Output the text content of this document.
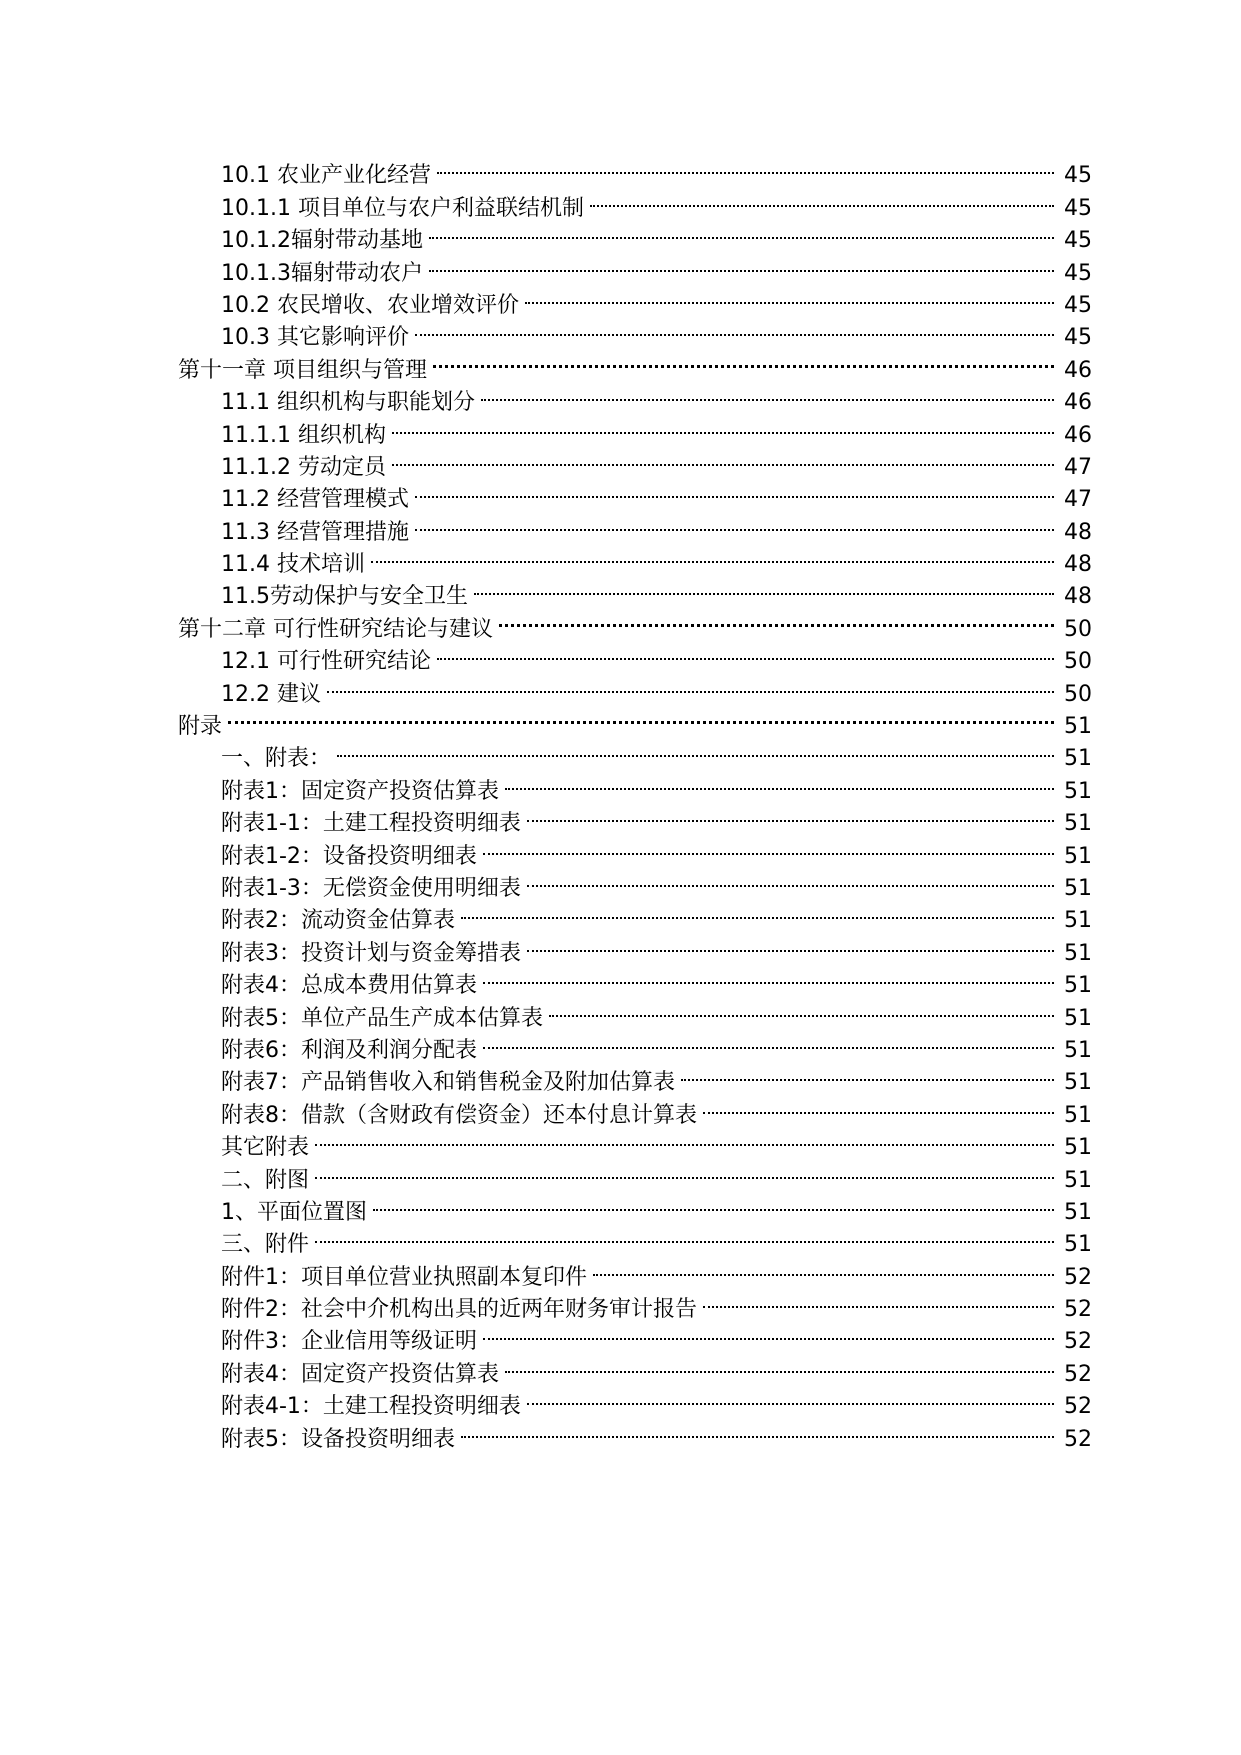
10.1 农业产业化经营	45
10.1.1 项目单位与农户利益联结机制	45
10.1.2辐射带动基地	45
10.1.3辐射带动农户	45
10.2 农民增收、农业增效评价	45
10.3 其它影响评价	45
第十一章 项目组织与管理	46
11.1 组织机构与职能划分	46
11.1.1 组织机构	46
11.1.2 劳动定员	47
11.2 经营管理模式	47
11.3 经营管理措施	48
11.4 技术培训	48
11.5劳动保护与安全卫生	48
第十二章 可行性研究结论与建议	50
12.1 可行性研究结论	50
12.2 建议	50
附录	51
一、附表：	51
附表1：固定资产投资估算表	51
附表1-1：土建工程投资明细表	51
附表1-2：设备投资明细表	51
附表1-3：无偿资金使用明细表	51
附表2：流动资金估算表	51
附表3：投资计划与资金筹措表	51
附表4：总成本费用估算表	51
附表5：单位产品生产成本估算表	51
附表6：利润及利润分配表	51
附表7：产品销售收入和销售税金及附加估算表	51
附表8：借款（含财政有偿资金）还本付息计算表	51
其它附表	51
二、附图	51
1、平面位置图	51
三、附件	51
附件1：项目单位营业执照副本复印件	52
附件2：社会中介机构出具的近两年财务审计报告	52
附件3：企业信用等级证明	52
附表4：固定资产投资估算表	52
附表4-1：土建工程投资明细表	52
附表5：设备投资明细表	52
